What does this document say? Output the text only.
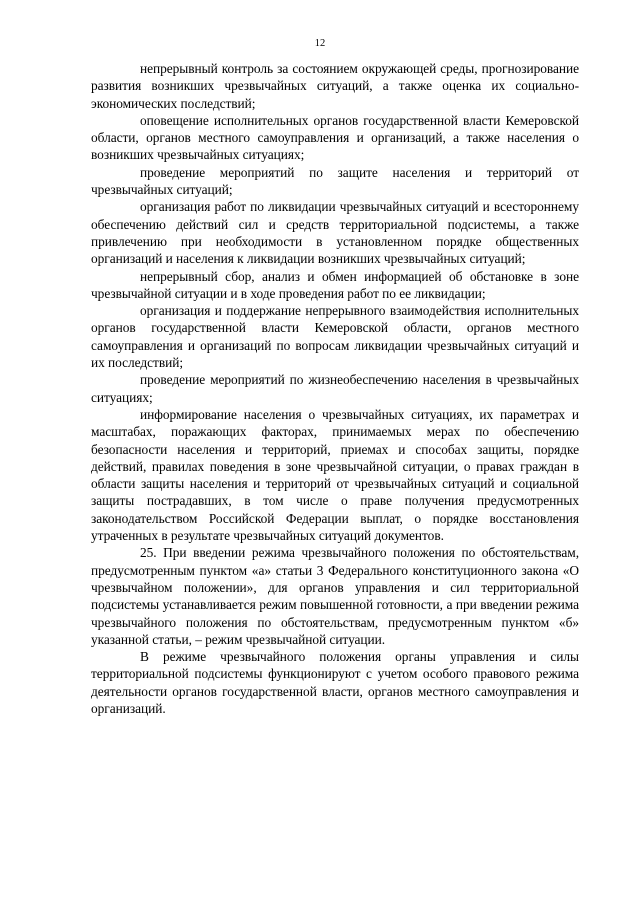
12

непрерывный контроль за состоянием окружающей среды, прогнозирование развития возникших чрезвычайных ситуаций, а также оценка их социально-экономических последствий;

оповещение исполнительных органов государственной власти Кемеровской области, органов местного самоуправления и организаций, а также населения о возникших чрезвычайных ситуациях;

проведение мероприятий по защите населения и территорий от чрезвычайных ситуаций;

организация работ по ликвидации чрезвычайных ситуаций и всестороннему обеспечению действий сил и средств территориальной подсистемы, а также привлечению при необходимости в установленном порядке общественных организаций и населения к ликвидации возникших чрезвычайных ситуаций;

непрерывный сбор, анализ и обмен информацией об обстановке в зоне чрезвычайной ситуации и в ходе проведения работ по ее ликвидации;

организация и поддержание непрерывного взаимодействия исполнительных органов государственной власти Кемеровской области, органов местного самоуправления и организаций по вопросам ликвидации чрезвычайных ситуаций и их последствий;

проведение мероприятий по жизнеобеспечению населения в чрезвычайных ситуациях;

информирование населения о чрезвычайных ситуациях, их параметрах и масштабах, поражающих факторах, принимаемых мерах по обеспечению безопасности населения и территорий, приемах и способах защиты, порядке действий, правилах поведения в зоне чрезвычайной ситуации, о правах граждан в области защиты населения и территорий от чрезвычайных ситуаций и социальной защиты пострадавших, в том числе о праве получения предусмотренных законодательством Российской Федерации выплат, о порядке восстановления утраченных в результате чрезвычайных ситуаций документов.

25. При введении режима чрезвычайного положения по обстоятельствам, предусмотренным пунктом «а» статьи 3 Федерального конституционного закона «О чрезвычайном положении», для органов управления и сил территориальной подсистемы устанавливается режим повышенной готовности, а при введении режима чрезвычайного положения по обстоятельствам, предусмотренным пунктом «б» указанной статьи, – режим чрезвычайной ситуации.

В режиме чрезвычайного положения органы управления и силы территориальной подсистемы функционируют с учетом особого правового режима деятельности органов государственной власти, органов местного самоуправления и организаций.
